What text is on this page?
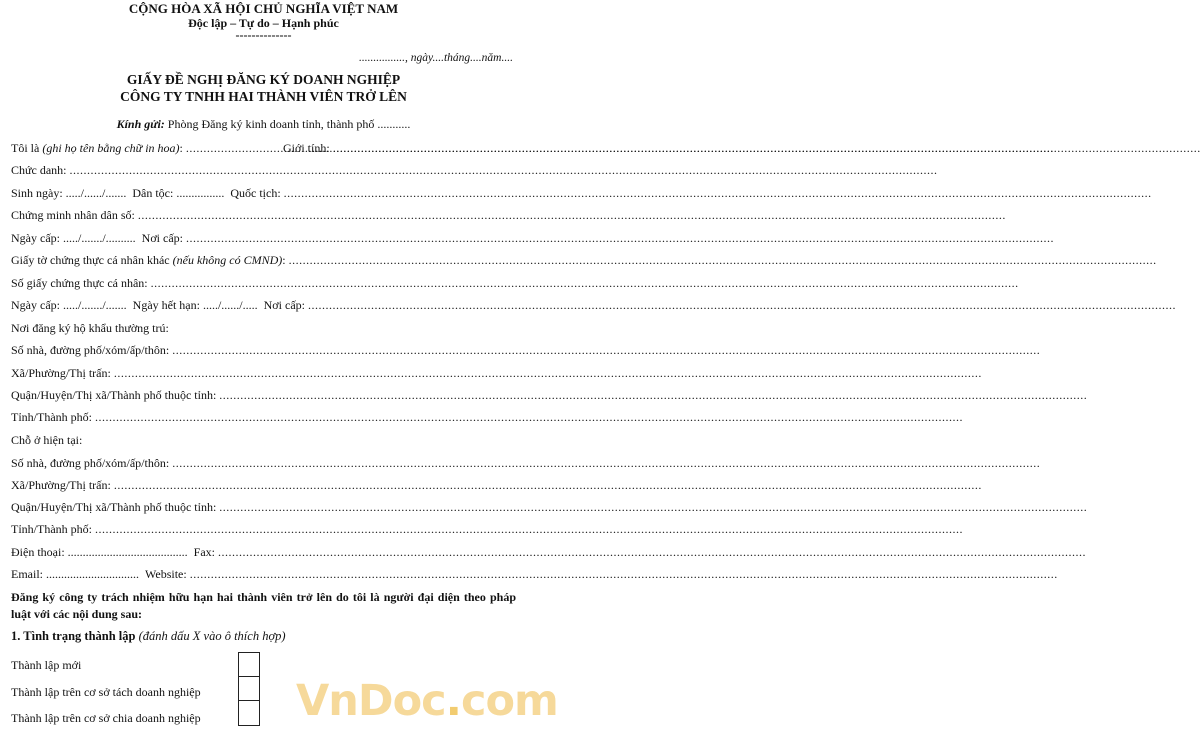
CỘNG HÒA XÃ HỘI CHỦ NGHĨA VIỆT NAM
Độc lập – Tự do – Hạnh phúc
--------------
................, ngày....tháng....năm....
GIẤY ĐỀ NGHỊ ĐĂNG KÝ DOANH NGHIỆP
CÔNG TY TNHH HAI THÀNH VIÊN TRỞ LÊN
Kính gửi: Phòng Đăng ký kinh doanh tỉnh, thành phố ...........
Tôi là (ghi họ tên bằng chữ in hoa):
.....	Giới tính:

.....
Chức danh:

.....
Sinh ngày: ...../....../.......
Dân tộc: ................
Quốc tịch:

.....
Chứng minh nhân dân số:

.....
Ngày cấp: ...../......./..........
Nơi cấp:

.....
Giấy tờ chứng thực cá nhân khác (nếu không có CMND):
.....
Số giấy chứng thực cá nhân:

.....
Ngày cấp: ...../......./.......
Ngày hết hạn: ...../....../.....
Nơi cấp:

.....
Nơi đăng ký hộ khẩu thường trú:
Số nhà, đường phố/xóm/ấp/thôn:

.....
Xã/Phường/Thị trấn:

.....
Quận/Huyện/Thị xã/Thành phố thuộc tỉnh:

.....
Tỉnh/Thành phố:

.....
Chỗ ở hiện tại:
Số nhà, đường phố/xóm/ấp/thôn:

.....
Xã/Phường/Thị trấn:

.....
Quận/Huyện/Thị xã/Thành phố thuộc tỉnh:

.....
Tỉnh/Thành phố:

.....
Điện thoại: ........................................
Fax:

.....
Email: ...............................
Website:

.....
Đăng ký công ty trách nhiệm hữu hạn hai thành viên trở lên do tôi là người đại diện theo pháp luật với các nội dung sau:
1. Tình trạng thành lập (đánh dấu X vào ô thích hợp)
Thành lập mới
Thành lập trên cơ sở tách doanh nghiệp
Thành lập trên cơ sở chia doanh nghiệp VnDoc.com
